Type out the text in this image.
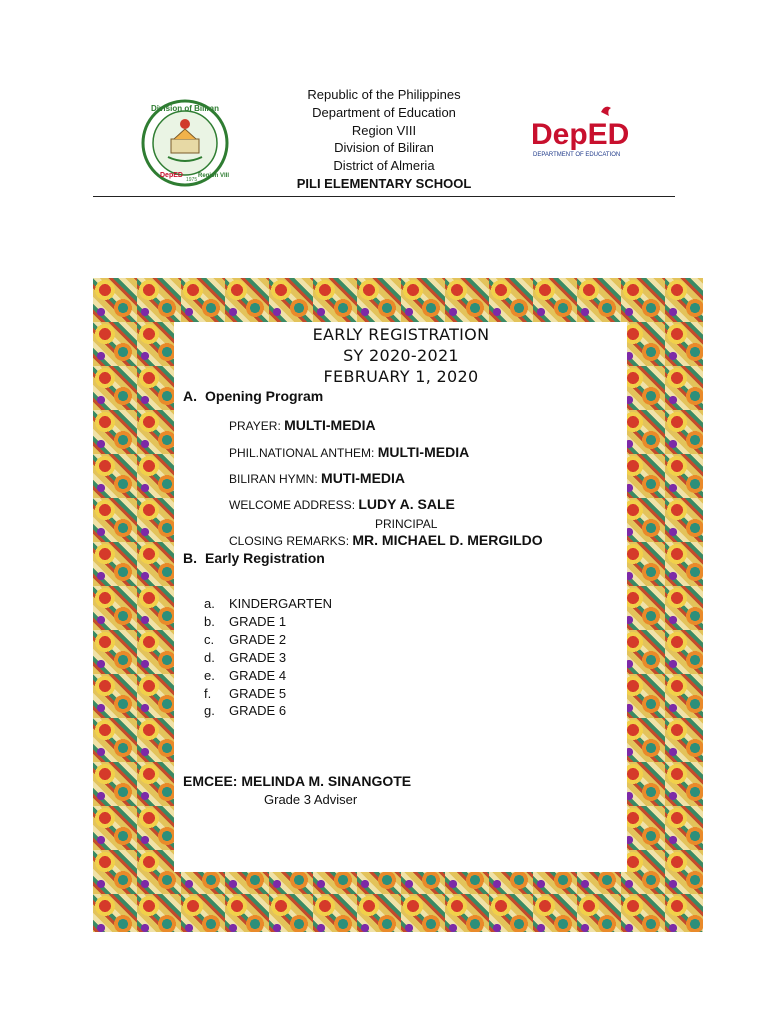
Division of Biliran
DepED
1975
Region VIII
Republic of the Philippines
Department of Education
Region VIII
Division of Biliran
District of Almeria
PILI ELEMENTARY SCHOOL
DepED
DEPARTMENT OF EDUCATION
EARLY REGISTRATION
SY 2020-2021
FEBRUARY 1, 2020
A. Opening Program
PRAYER: MULTI-MEDIA
PHIL.NATIONAL ANTHEM: MULTI-MEDIA
BILIRAN HYMN: MUTI-MEDIA
WELCOME ADDRESS: LUDY A. SALE
PRINCIPAL
CLOSING REMARKS: MR. MICHAEL D. MERGILDO
B. Early Registration
a. KINDERGARTEN
b. GRADE 1
c. GRADE 2
d. GRADE 3
e. GRADE 4
f. GRADE 5
g. GRADE 6
EMCEE: MELINDA M. SINANGOTE
Grade 3 Adviser
